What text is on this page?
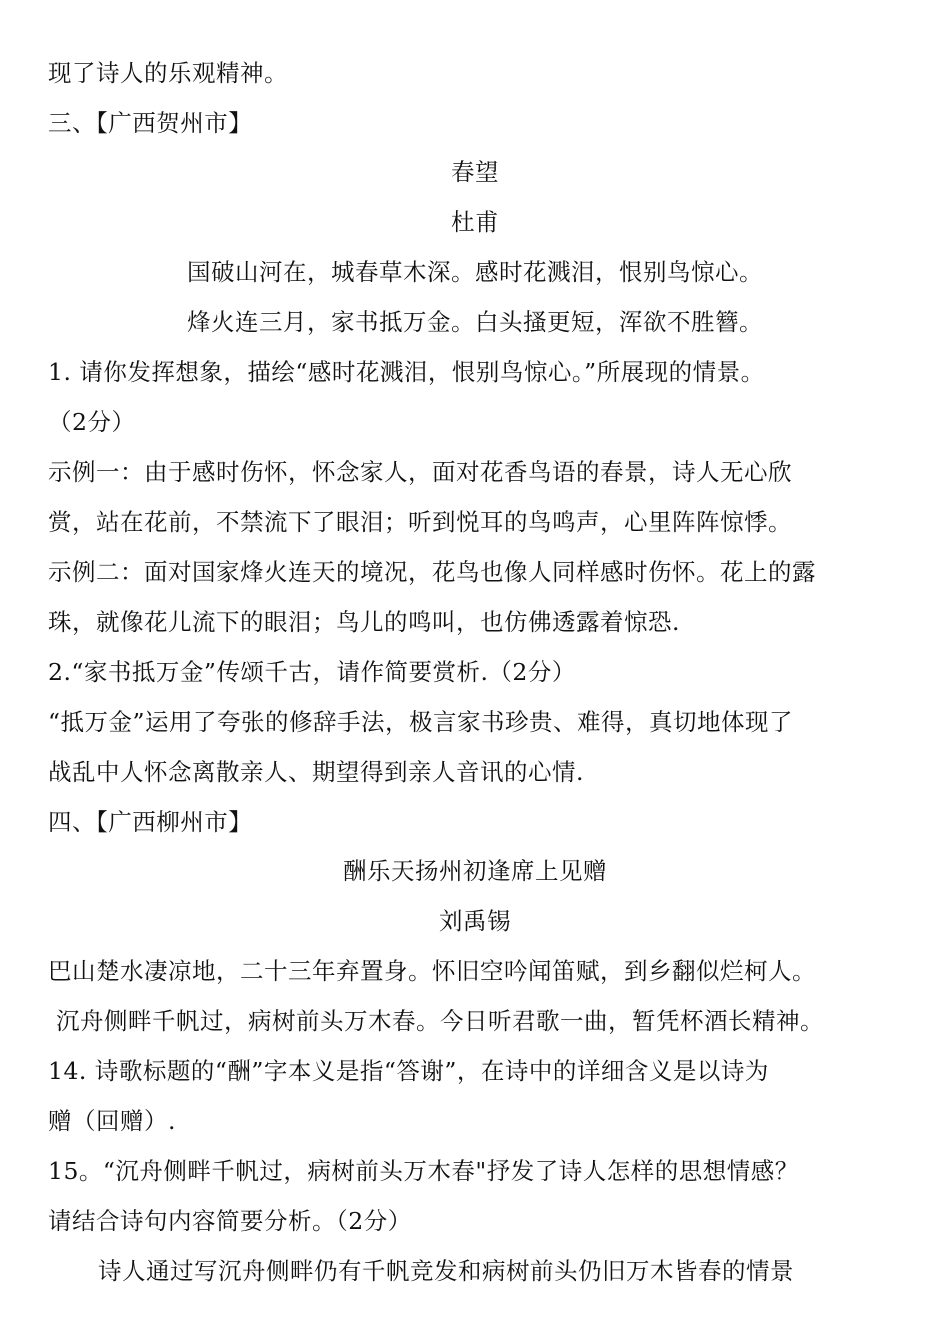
现了诗人的乐观精神。
三、【广西贺州市】
春望
杜甫
国破山河在，城春草木深。感时花溅泪，恨别鸟惊心。
烽火连三月，家书抵万金。白头搔更短，浑欲不胜簪。
1. 请你发挥想象，描绘“感时花溅泪，恨别鸟惊心。”所展现的情景。
（2分）
示例一：由于感时伤怀，怀念家人，面对花香鸟语的春景，诗人无心欣
赏，站在花前，不禁流下了眼泪；听到悦耳的鸟鸣声，心里阵阵惊悸。
示例二：面对国家烽火连天的境况，花鸟也像人同样感时伤怀。花上的露
珠，就像花儿流下的眼泪；鸟儿的鸣叫，也仿佛透露着惊恐.
2.“家书抵万金”传颂千古，请作简要赏析.（2分）
“抵万金”运用了夸张的修辞手法，极言家书珍贵、难得，真切地体现了
战乱中人怀念离散亲人、期望得到亲人音讯的心情.
四、【广西柳州市】
酬乐天扬州初逢席上见赠
刘禹锡
巴山楚水凄凉地，二十三年弃置身。怀旧空吟闻笛赋，到乡翻似烂柯人。
沉舟侧畔千帆过，病树前头万木春。今日听君歌一曲，暂凭杯酒长精神。
14. 诗歌标题的“酬”字本义是指“答谢”，在诗中的详细含义是以诗为
赠（回赠）.
15。“沉舟侧畔千帆过，病树前头万木春"抒发了诗人怎样的思想情感？
请结合诗句内容简要分析。（2分）
诗人通过写沉舟侧畔仍有千帆竞发和病树前头仍旧万木皆春的情景
